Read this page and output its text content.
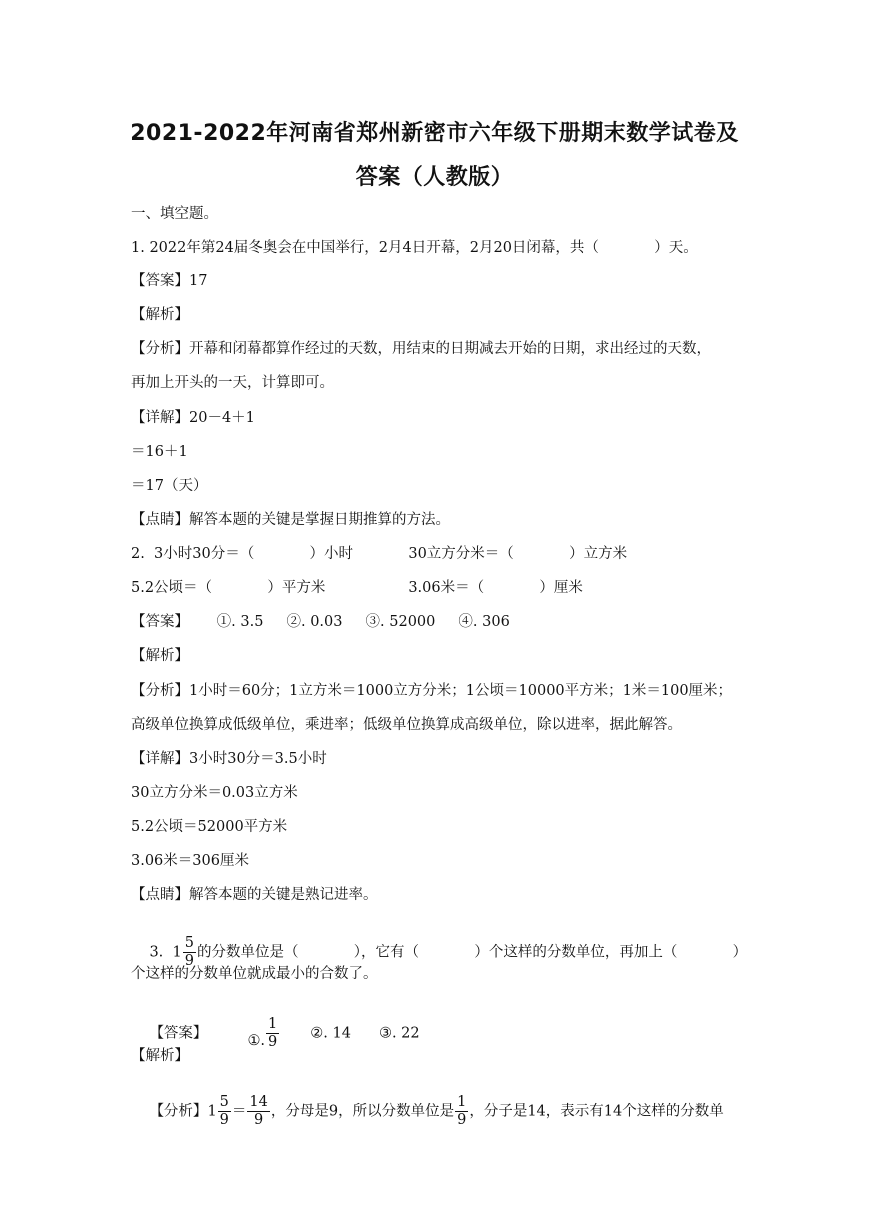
2021-2022年河南省郑州新密市六年级下册期末数学试卷及
答案（人教版）
一、填空题。
1. 2022年第24届冬奥会在中国举行，2月4日开幕，2月20日闭幕，共（            ）天。
【答案】17
【解析】
【分析】开幕和闭幕都算作经过的天数，用结束的日期减去开始的日期，求出经过的天数，
再加上开头的一天，计算即可。
【详解】20－4＋1
＝16＋1
＝17（天）
【点睛】解答本题的关键是掌握日期推算的方法。
2.  3小时30分＝（            ）小时            30立方分米＝（            ）立方米
5.2公顷＝（            ）平方米                  3.06米＝（            ）厘米
【答案】      ①. 3.5     ②. 0.03     ③. 52000     ④. 306
【解析】
【分析】1小时＝60分；1立方米＝1000立方分米；1公顷＝10000平方米；1米＝100厘米；
高级单位换算成低级单位，乘进率；低级单位换算成高级单位，除以进率，据此解答。
【详解】3小时30分＝3.5小时
30立方分米＝0.03立方米
5.2公顷＝52000平方米
3.06米＝306厘米
【点睛】解答本题的关键是熟记进率。

3.  $1 \frac{5}{9}$ 的分数单位是（            ），它有（            ）个这样的分数单位，再加上（            ）

个这样的分数单位就成最小的合数了。

【答案】	①. $\frac{1}{9}$ ②. 14 ③. 22

【解析】

【分析】$1 \frac{5}{9} = \frac{14}{9}$ ，分母是9，所以分数单位是 $\frac{1}{9}$ ，分子是14，表示有14个这样的分数单
